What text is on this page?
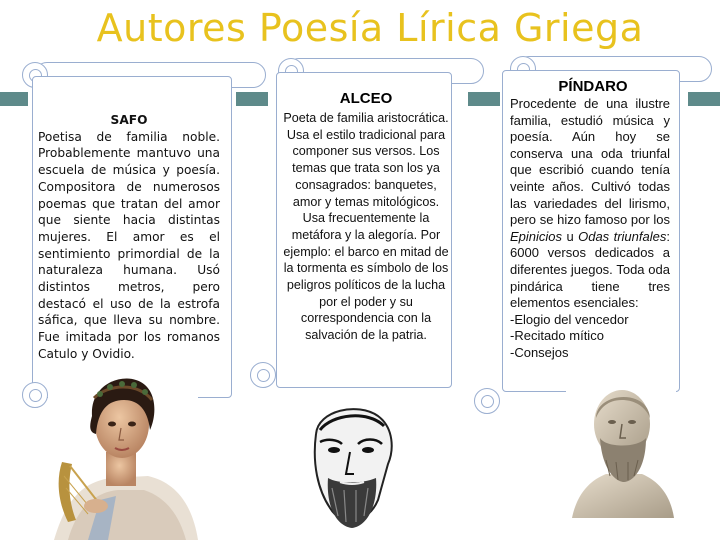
Autores Poesía Lírica Griega
SAFO
Poetisa de familia noble. Probablemente mantuvo una escuela de música y poesía. Compositora de numerosos poemas que tratan del amor que siente hacia distintas mujeres. El amor es el sentimiento primordial de la naturaleza humana. Usó distintos metros, pero destacó el uso de la estrofa sáfica, que lleva su nombre. Fue imitada por los romanos Catulo y Ovidio.
ALCEO
Poeta de familia aristocrática. Usa el estilo tradicional para componer sus versos. Los temas que trata son los ya consagrados: banquetes, amor y temas mitológicos. Usa frecuentemente la metáfora y la alegoría. Por ejemplo: el barco en mitad de la tormenta es símbolo de los peligros políticos de la lucha por el poder y su correspondencia con la salvación de la patria.
PÍNDARO
Procedente de una ilustre familia, estudió música y poesía. Aún hoy se conserva una oda triunfal que escribió cuando tenía veinte años. Cultivó todas las variedades del lirismo, pero se hizo famoso por los Epinicios u Odas triunfales: 6000 versos dedicados a diferentes juegos. Toda oda pindárica tiene tres elementos esenciales:
-Elogio del vencedor
-Recitado mítico
-Consejos
